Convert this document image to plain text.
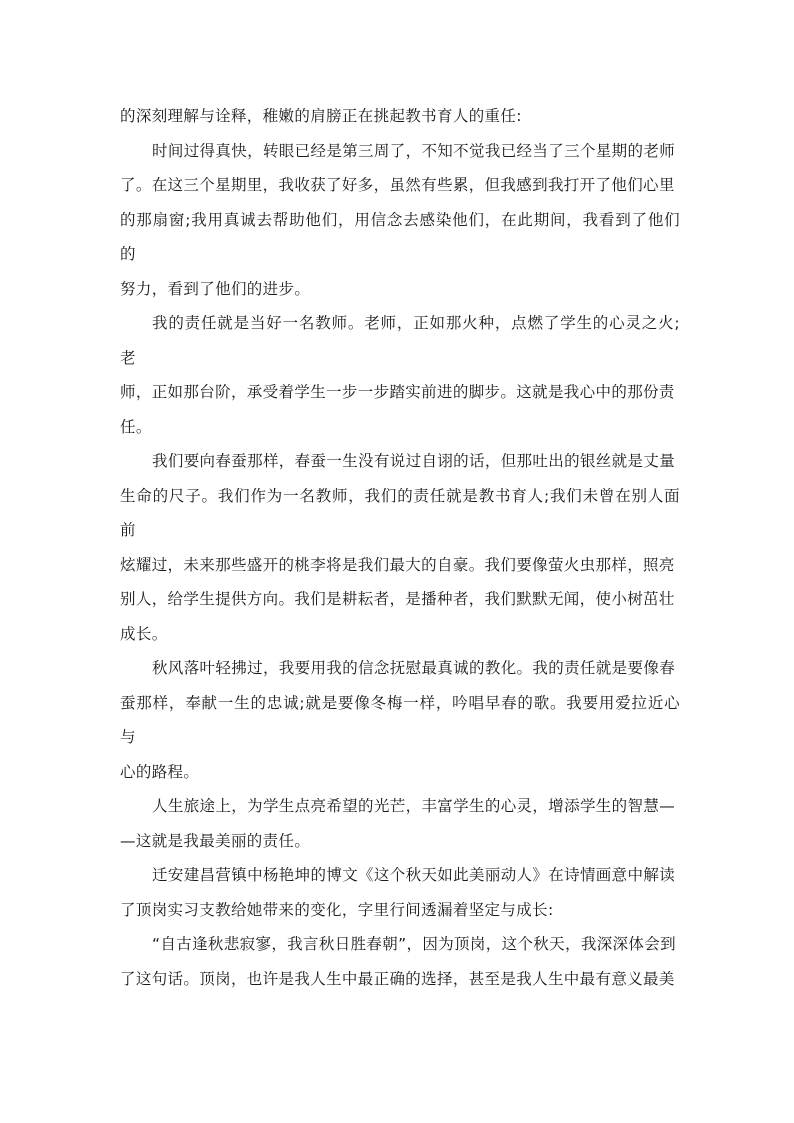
的深刻理解与诠释，稚嫩的肩膀正在挑起教书育人的重任:
时间过得真快，转眼已经是第三周了，不知不觉我已经当了三个星期的老师
了。在这三个星期里，我收获了好多，虽然有些累，但我感到我打开了他们心里
的那扇窗;我用真诚去帮助他们，用信念去感染他们，在此期间，我看到了他们的
努力，看到了他们的进步。
我的责任就是当好一名教师。老师，正如那火种，点燃了学生的心灵之火;老
师，正如那台阶，承受着学生一步一步踏实前进的脚步。这就是我心中的那份责
任。
我们要向春蚕那样，春蚕一生没有说过自诩的话，但那吐出的银丝就是丈量
生命的尺子。我们作为一名教师，我们的责任就是教书育人;我们未曾在别人面前
炫耀过，未来那些盛开的桃李将是我们最大的自豪。我们要像萤火虫那样，照亮
别人，给学生提供方向。我们是耕耘者，是播种者，我们默默无闻，使小树茁壮
成长。
秋风落叶轻拂过，我要用我的信念抚慰最真诚的教化。我的责任就是要像春
蚕那样，奉献一生的忠诚;就是要像冬梅一样，吟唱早春的歌。我要用爱拉近心与
心的路程。
人生旅途上，为学生点亮希望的光芒，丰富学生的心灵，增添学生的智慧—
—这就是我最美丽的责任。
迁安建昌营镇中杨艳坤的博文《这个秋天如此美丽动人》在诗情画意中解读
了顶岗实习支教给她带来的变化，字里行间透漏着坚定与成长:
“自古逢秋悲寂寥，我言秋日胜春朝”，因为顶岗，这个秋天，我深深体会到
了这句话。顶岗，也许是我人生中最正确的选择，甚至是我人生中最有意义最美
